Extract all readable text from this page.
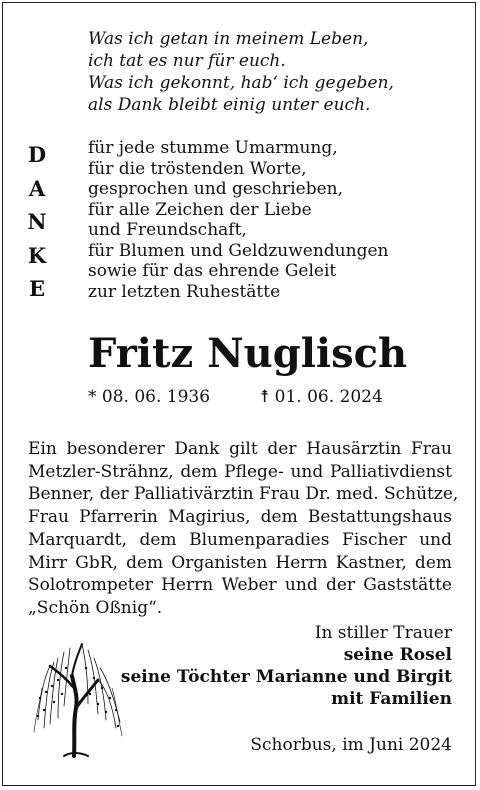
Was ich getan in meinem Leben,
ich tat es nur für euch.
Was ich gekonnt, hab‘ ich gegeben,
als Dank bleibt einig unter euch.
D
A
N
K
E
für jede stumme Umarmung,
für die tröstenden Worte,
gesprochen und geschrieben,
für alle Zeichen der Liebe
und Freundschaft,
für Blumen und Geldzuwendungen
sowie für das ehrende Geleit
zur letzten Ruhestätte
Fritz Nuglisch
* 08. 06. 1936	☨ 01. 06. 2024
Ein besonderer Dank gilt der Hausärztin Frau
Metzler-Strähnz, dem Pflege- und Palliativdienst
Benner, der Palliativärztin Frau Dr. med. Schütze,
Frau Pfarrerin Magirius, dem Bestattungshaus
Marquardt, dem Blumenparadies Fischer und
Mirr GbR, dem Organisten Herrn Kastner, dem
Solotrompeter Herrn Weber und der Gaststätte
„Schön Oßnig“.
In stiller Trauer
seine Rosel
seine Töchter Marianne und Birgit
mit Familien
Schorbus, im Juni 2024
